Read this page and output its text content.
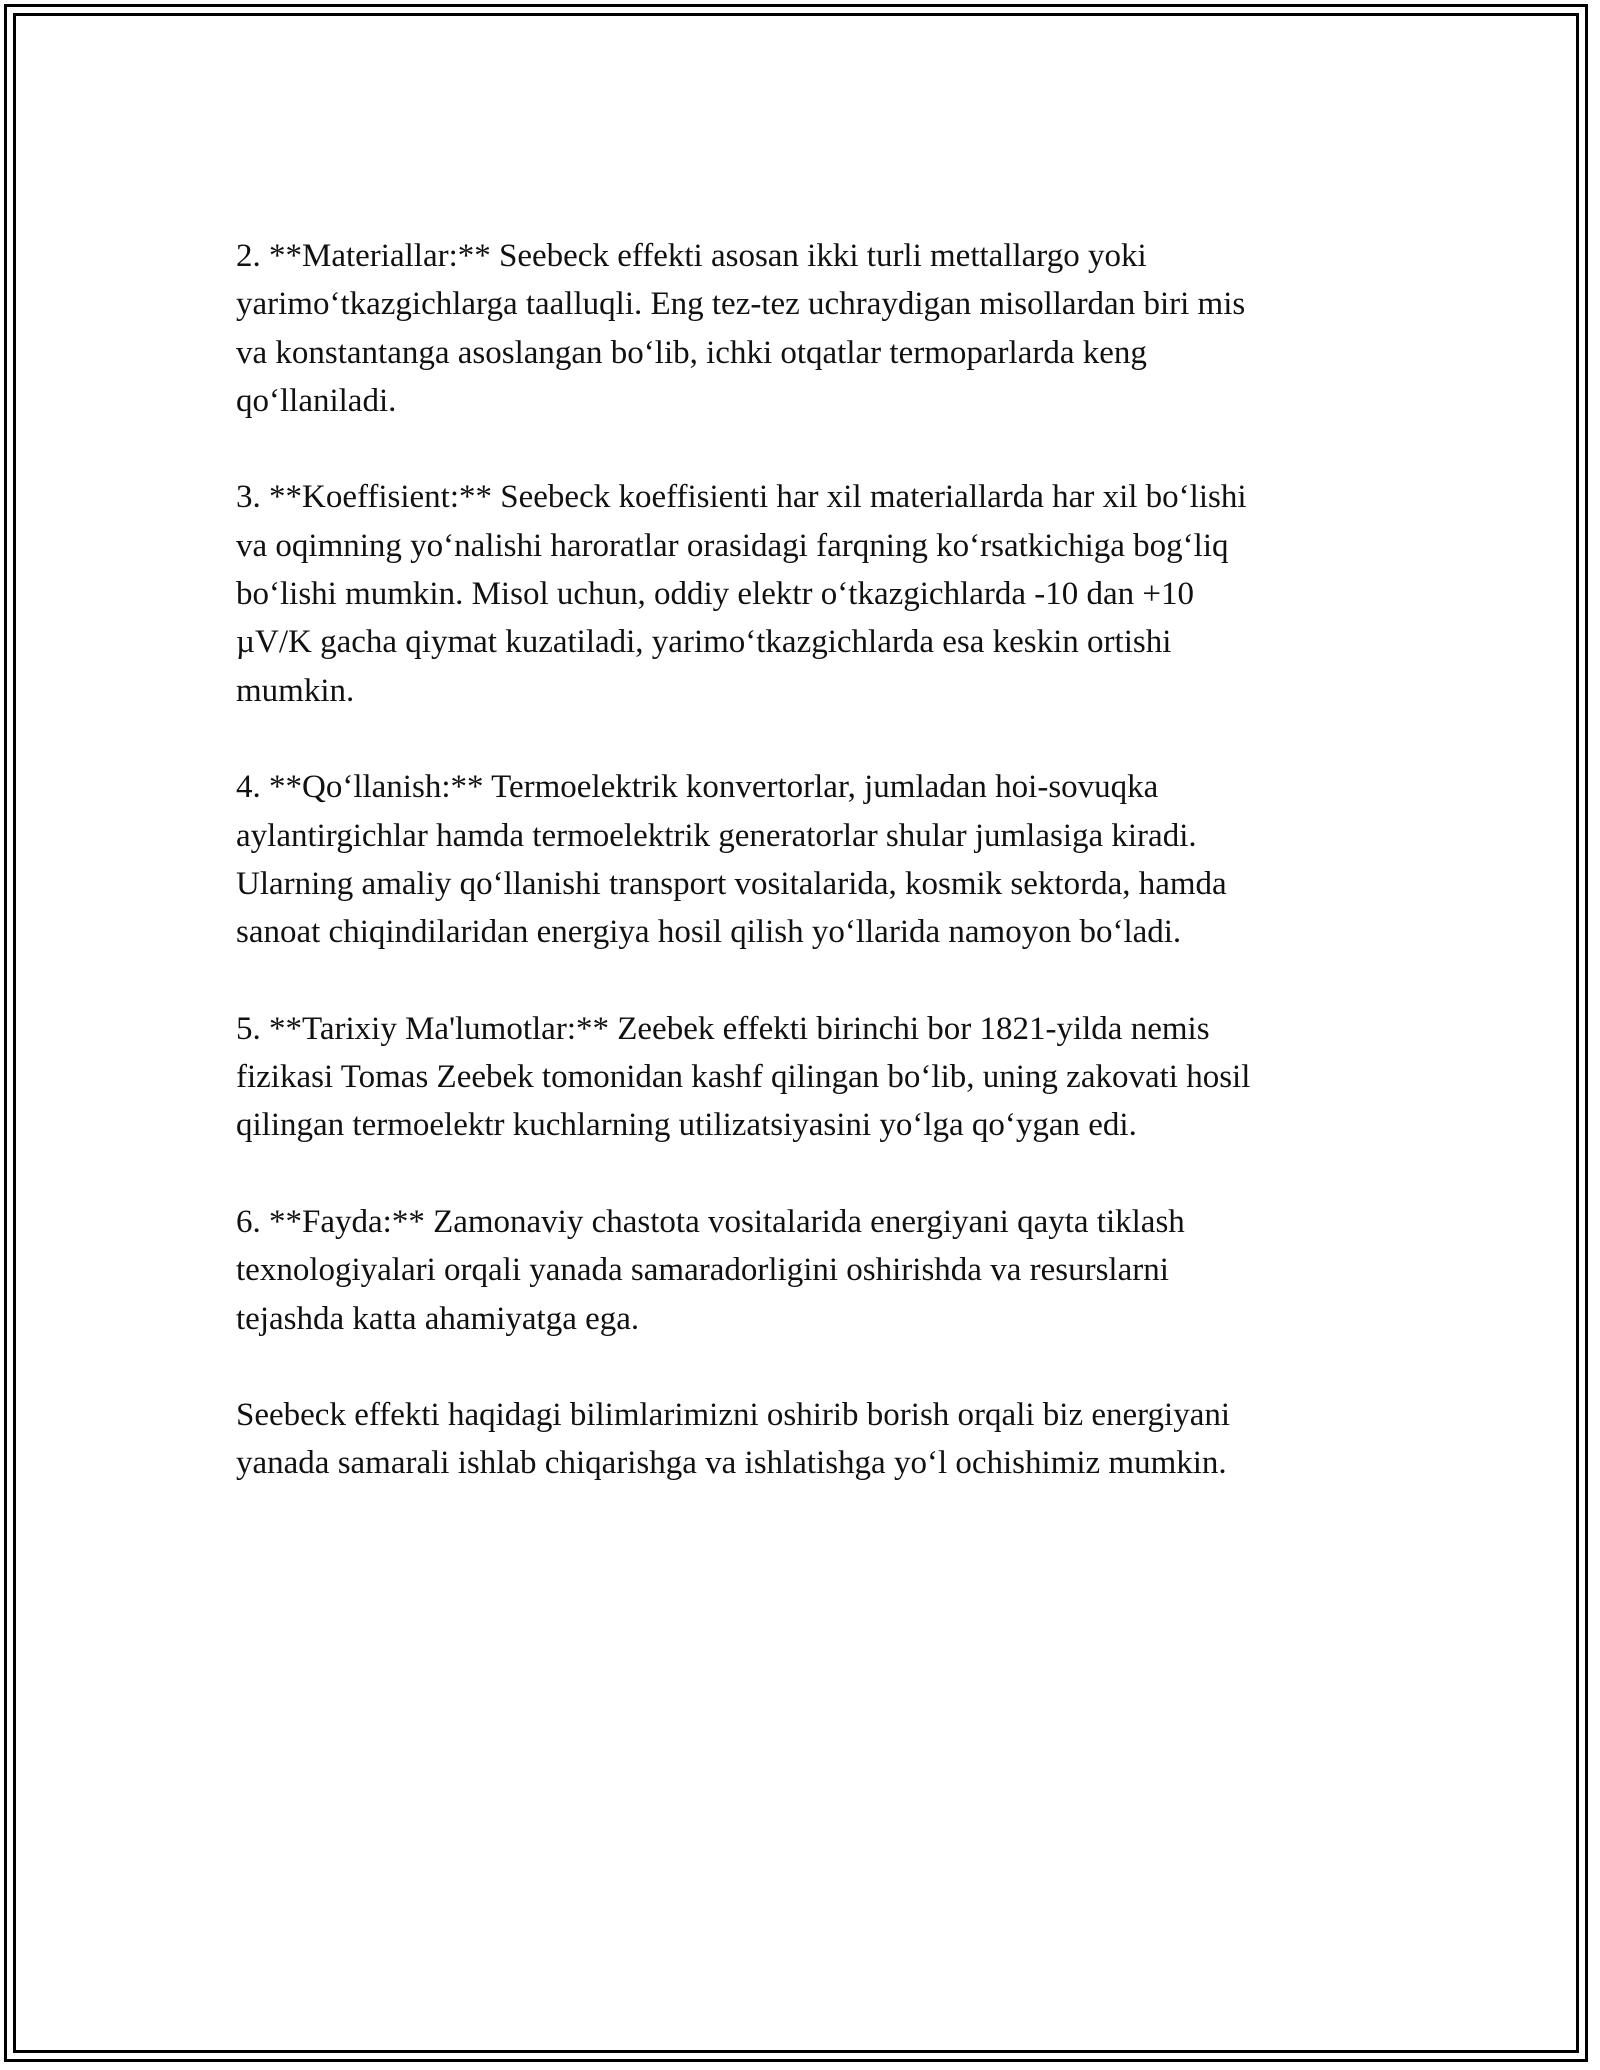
2. **Materiallar:** Seebeck effekti asosan ikki turli mettallargo yoki
yarimo‘tkazgichlarga taalluqli. Eng tez-tez uchraydigan misollardan biri mis
va konstantanga asoslangan bo‘lib, ichki otqatlar termoparlarda keng
qo‘llaniladi.

3. **Koeffisient:** Seebeck koeffisienti har xil materiallarda har xil bo‘lishi
va oqimning yo‘nalishi haroratlar orasidagi farqning ko‘rsatkichiga bog‘liq
bo‘lishi mumkin. Misol uchun, oddiy elektr o‘tkazgichlarda -10 dan +10
µV/K gacha qiymat kuzatiladi, yarimo‘tkazgichlarda esa keskin ortishi
mumkin.

4. **Qo‘llanish:** Termoelektrik konvertorlar, jumladan hoi-sovuqka
aylantirgichlar hamda termoelektrik generatorlar shular jumlasiga kiradi.
Ularning amaliy qo‘llanishi transport vositalarida, kosmik sektorda, hamda
sanoat chiqindilaridan energiya hosil qilish yo‘llarida namoyon bo‘ladi.

5. **Tarixiy Ma'lumotlar:** Zeebek effekti birinchi bor 1821-yilda nemis
fizikasi Tomas Zeebek tomonidan kashf qilingan bo‘lib, uning zakovati hosil
qilingan termoelektr kuchlarning utilizatsiyasini yo‘lga qo‘ygan edi.

6. **Fayda:** Zamonaviy chastota vositalarida energiyani qayta tiklash
texnologiyalari orqali yanada samaradorligini oshirishda va resurslarni
tejashda katta ahamiyatga ega.

Seebeck effekti haqidagi bilimlarimizni oshirib borish orqali biz energiyani
yanada samarali ishlab chiqarishga va ishlatishga yo‘l ochishimiz mumkin.
